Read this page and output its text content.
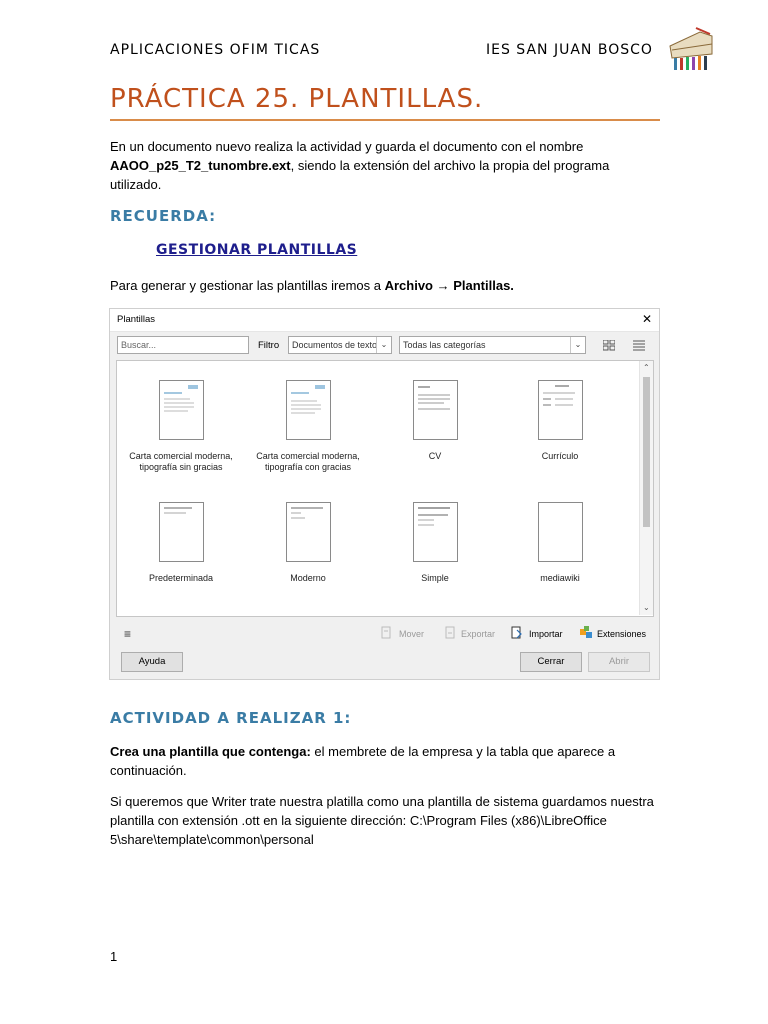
APLICACIONES OFIM TICAS	IES SAN JUAN BOSCO
PRÁCTICA 25. PLANTILLAS.
En un documento nuevo realiza la actividad y guarda el documento con el nombre
AAOO_p25_T2_tunombre.ext, siendo la extensión del archivo la propia del programa
utilizado.
RECUERDA:
GESTIONAR PLANTILLAS
Para generar y gestionar las plantillas iremos a Archivo → Plantillas.
Plantillas	✕
Buscar...	Filtro	Documentos de texto ⌄	Todas las categorías	⌄
⌃
⌄
Carta comercial moderna, tipografía sin gracias
Carta comercial moderna, tipografía con gracias
CV	Currículo
Predeterminada	Moderno	Simple	mediawiki
≡	Mover	Exportar	Importar	Extensiones
Ayuda	Cerrar	Abrir
ACTIVIDAD A REALIZAR 1:
Crea una plantilla que contenga: el membrete de la empresa y la tabla que aparece a
continuación.
Si queremos que Writer trate nuestra platilla como una plantilla de sistema guardamos nuestra
plantilla con extensión .ott en la siguiente dirección: C:\Program Files (x86)\LibreOffice
5\share\template\common\personal
1
